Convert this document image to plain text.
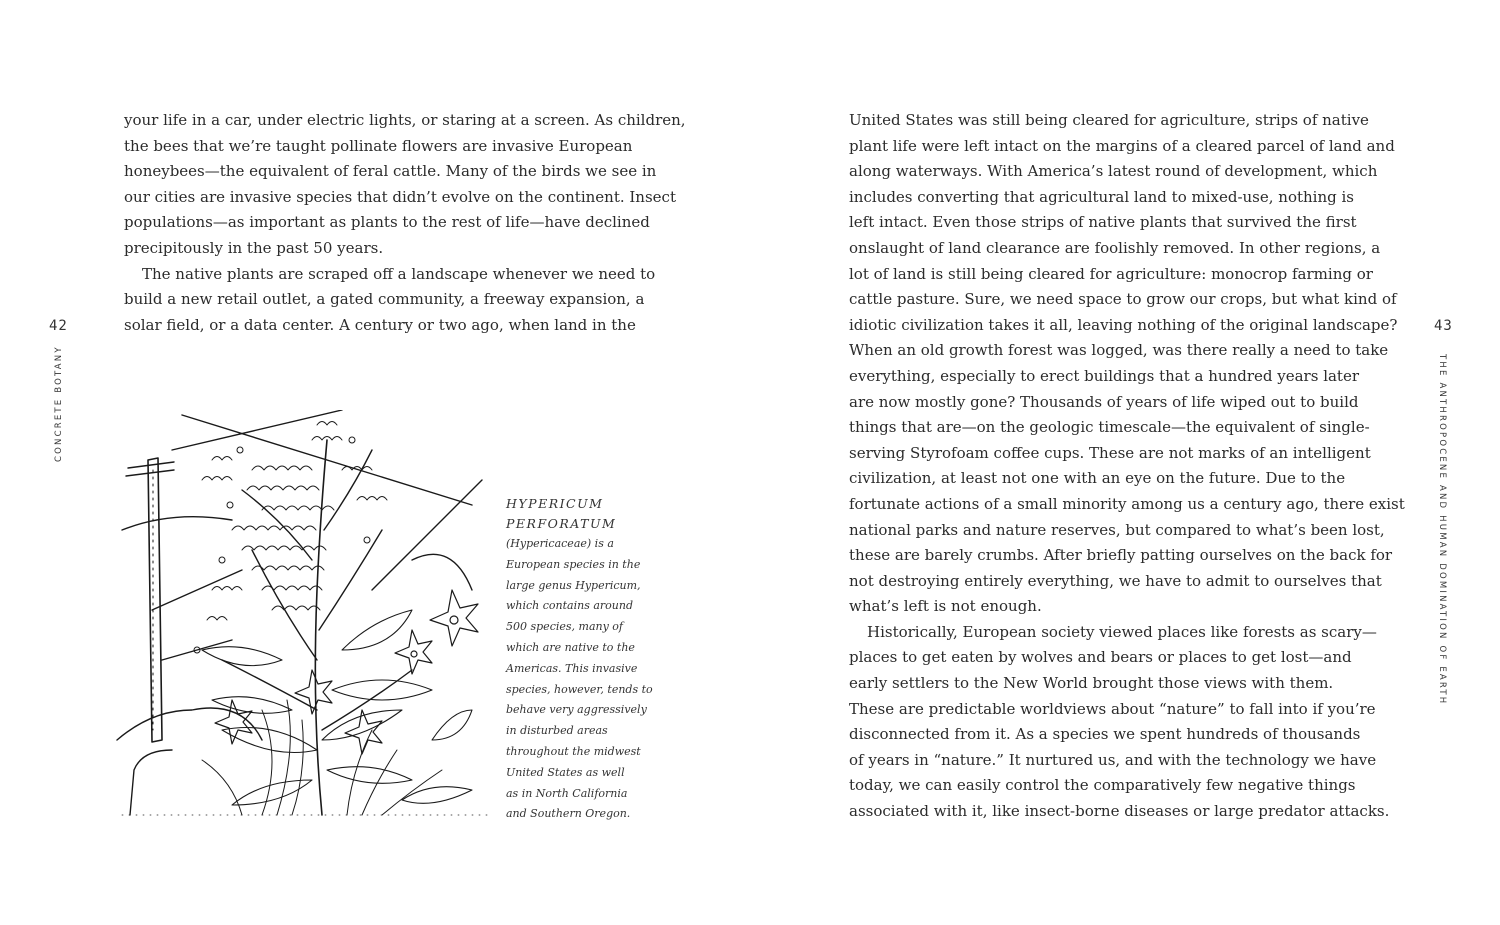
42
CONCRETE BOTANY
your life in a car, under electric lights, or staring at a screen. As children,
the bees that we’re taught pollinate flowers are invasive European
honeybees—the equivalent of feral cattle. Many of the birds we see in
our cities are invasive species that didn’t evolve on the continent. Insect
populations—as important as plants to the rest of life—have declined
precipitously in the past 50 years.
The native plants are scraped off a landscape whenever we need to
build a new retail outlet, a gated community, a freeway expansion, a
solar field, or a data center. A century or two ago, when land in the
HYPERICUM
PERFORATUM
(Hypericaceae) is a
European species in the
large genus Hypericum,
which contains around
500 species, many of
which are native to the
Americas. This invasive
species, however, tends to
behave very aggressively
in disturbed areas
throughout the midwest
United States as well
as in North California
and Southern Oregon.
43
THE ANTHROPOCENE AND HUMAN DOMINATION OF EARTH
United States was still being cleared for agriculture, strips of native
plant life were left intact on the margins of a cleared parcel of land and
along waterways. With America’s latest round of development, which
includes converting that agricultural land to mixed-use, nothing is
left intact. Even those strips of native plants that survived the first
onslaught of land clearance are foolishly removed. In other regions, a
lot of land is still being cleared for agriculture: monocrop farming or
cattle pasture. Sure, we need space to grow our crops, but what kind of
idiotic civilization takes it all, leaving nothing of the original landscape?
When an old growth forest was logged, was there really a need to take
everything, especially to erect buildings that a hundred years later
are now mostly gone? Thousands of years of life wiped out to build
things that are—on the geologic timescale—the equivalent of single-
serving Styrofoam coffee cups. These are not marks of an intelligent
civilization, at least not one with an eye on the future. Due to the
fortunate actions of a small minority among us a century ago, there exist
national parks and nature reserves, but compared to what’s been lost,
these are barely crumbs. After briefly patting ourselves on the back for
not destroying entirely everything, we have to admit to ourselves that
what’s left is not enough.
Historically, European society viewed places like forests as scary—
places to get eaten by wolves and bears or places to get lost—and
early settlers to the New World brought those views with them.
These are predictable worldviews about “nature” to fall into if you’re
disconnected from it. As a species we spent hundreds of thousands
of years in “nature.” It nurtured us, and with the technology we have
today, we can easily control the comparatively few negative things
associated with it, like insect-borne diseases or large predator attacks.
